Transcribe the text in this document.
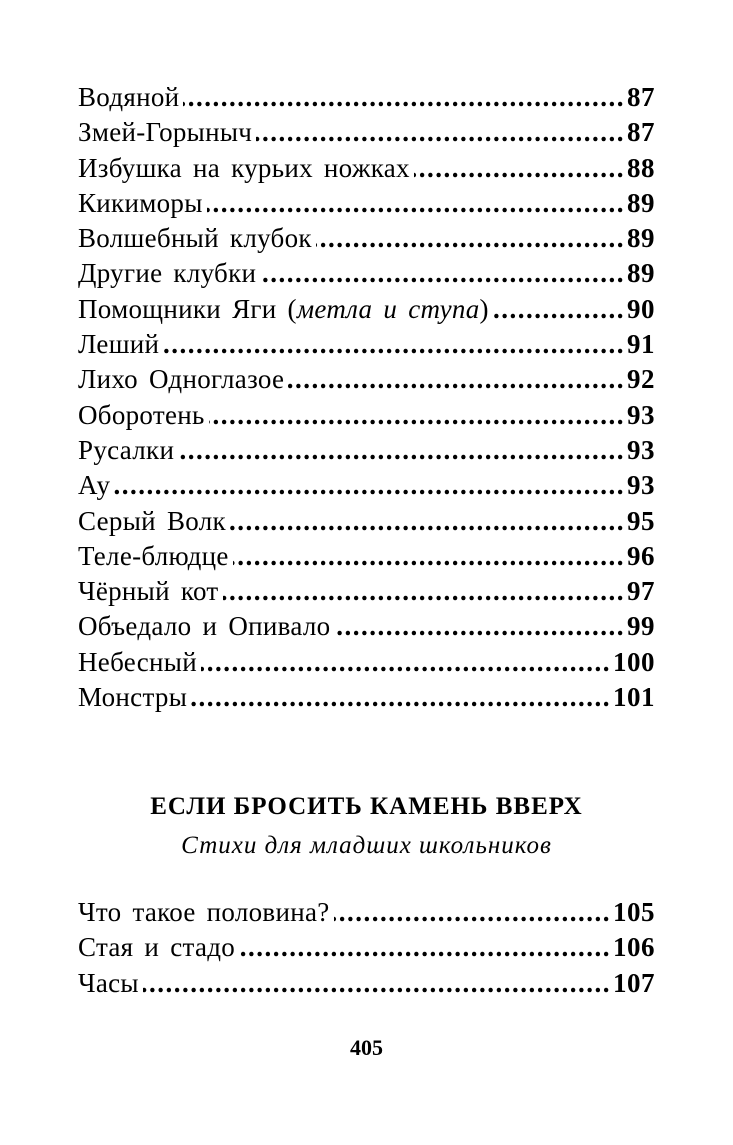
Водяной .....	87
Змей-Горыныч .....	87
Избушка на курьих ножках .....	88
Кикиморы .....	89
Волшебный клубок .....	89
Другие клубки .....	89
Помощники Яги (метла и ступа) .....	90
Леший .....	91
Лихо Одноглазое .....	92
Оборотень .....	93
Русалки .....	93
Ау .....	93
Серый Волк .....	95
Теле-блюдце .....	96
Чёрный кот .....	97
Объедало и Опивало .....	99
Небесный .....	100
Монстры .....	101
ЕСЛИ БРОСИТЬ КАМЕНЬ ВВЕРХ
Стихи для младших школьников
Что такое половина? .....	105
Стая и стадо .....	106
Часы .....	107
405
